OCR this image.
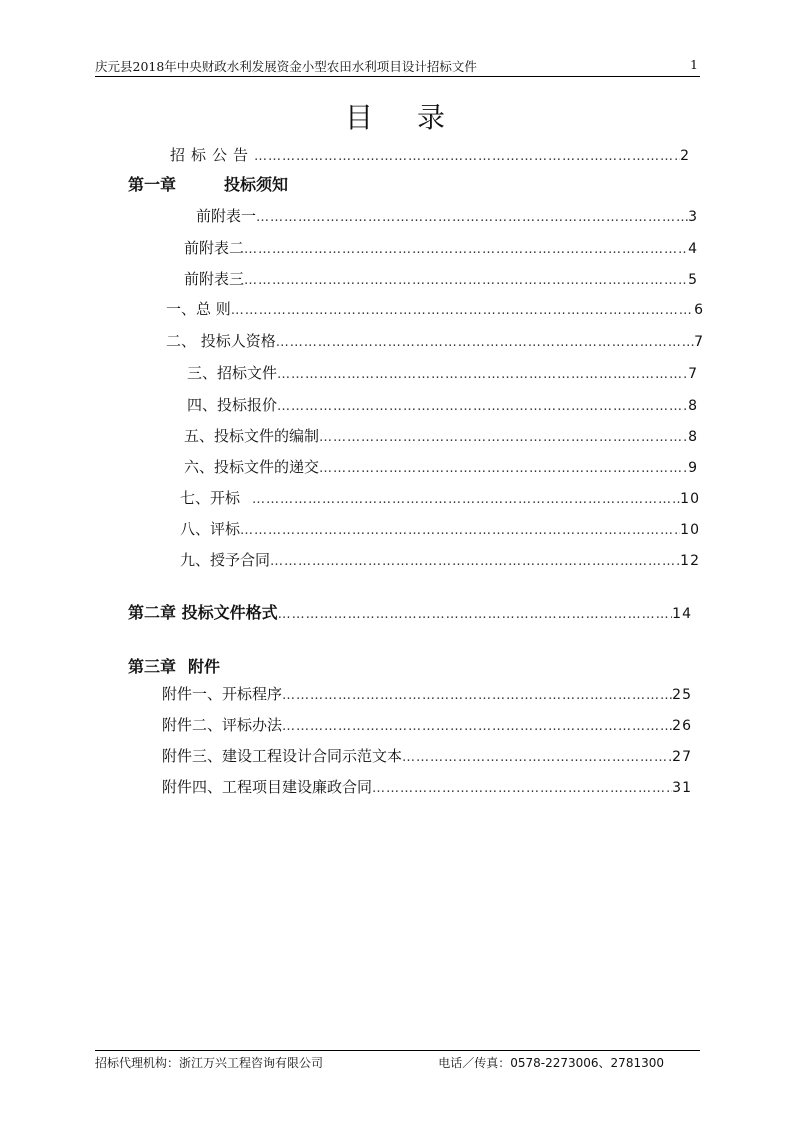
庆元县2018年中央财政水利发展资金小型农田水利项目设计招标文件	1
目录
招标公告 …………………………………………………………………………………………………………………………………………………………………………………………	2
第一章	投标须知
前附表一 …………………………………………………………………………………………………………………………………………………………………………………………	3
前附表二 …………………………………………………………………………………………………………………………………………………………………………………………	4
前附表三 …………………………………………………………………………………………………………………………………………………………………………………………	5
一、总 则 …………………………………………………………………………………………………………………………………………………………………………………………	6
二、 投标人资格 …………………………………………………………………………………………………………………………………………………………………………………………	7
三、招标文件 …………………………………………………………………………………………………………………………………………………………………………………………	7
四、投标报价 …………………………………………………………………………………………………………………………………………………………………………………………	8
五、投标文件的编制 …………………………………………………………………………………………………………………………………………………………………………………………	8
六、投标文件的递交 …………………………………………………………………………………………………………………………………………………………………………………………	9
七、开标 …………………………………………………………………………………………………………………………………………………………………………………………	10
八、评标 …………………………………………………………………………………………………………………………………………………………………………………………	10
九、授予合同 …………………………………………………………………………………………………………………………………………………………………………………………	12
第二章 投标文件格式 …………………………………………………………………………………………………………………………………………………………………………………………	14
第三章 附件
附件一、开标程序 …………………………………………………………………………………………………………………………………………………………………………………………	25
附件二、评标办法 …………………………………………………………………………………………………………………………………………………………………………………………	26
附件三、建设工程设计合同示范文本 …………………………………………………………………………………………………………………………………………………………………………………………	27
附件四、工程项目建设廉政合同 …………………………………………………………………………………………………………………………………………………………………………………………	31
招标代理机构：浙江万兴工程咨询有限公司	电话／传真：0578-2273006、2781300
